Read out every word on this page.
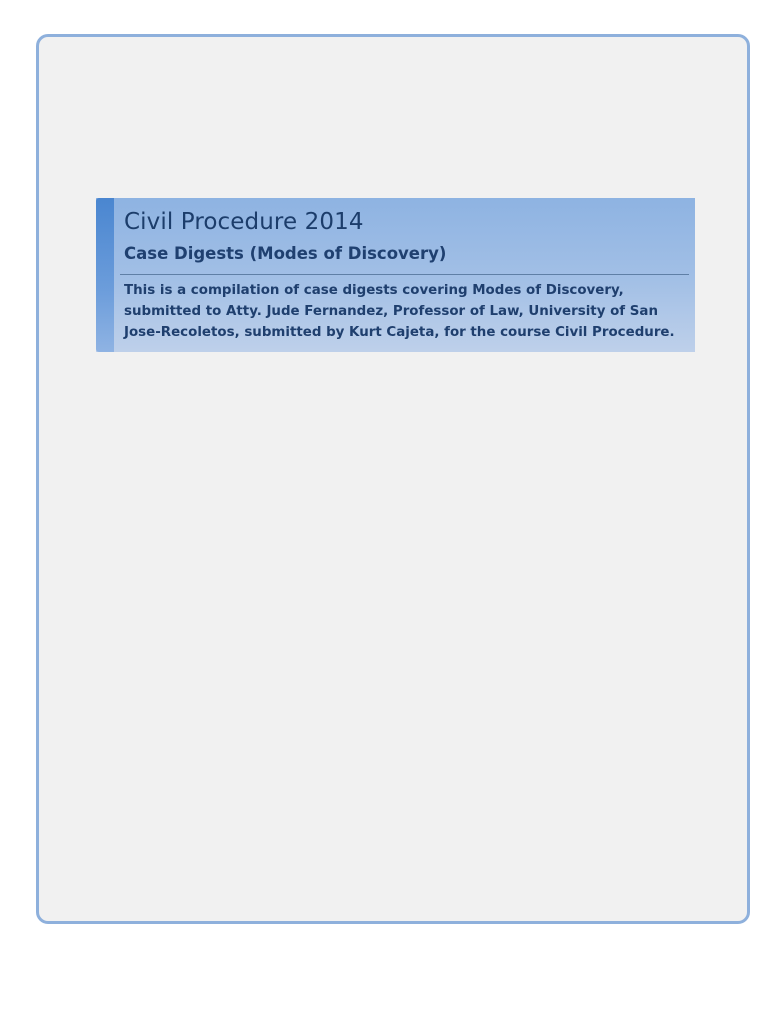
Civil Procedure 2014
Case Digests (Modes of Discovery)

This is a compilation of case digests covering Modes of Discovery, submitted to Atty. Jude Fernandez, Professor of Law, University of San Jose-Recoletos, submitted by Kurt Cajeta, for the course Civil Procedure.
